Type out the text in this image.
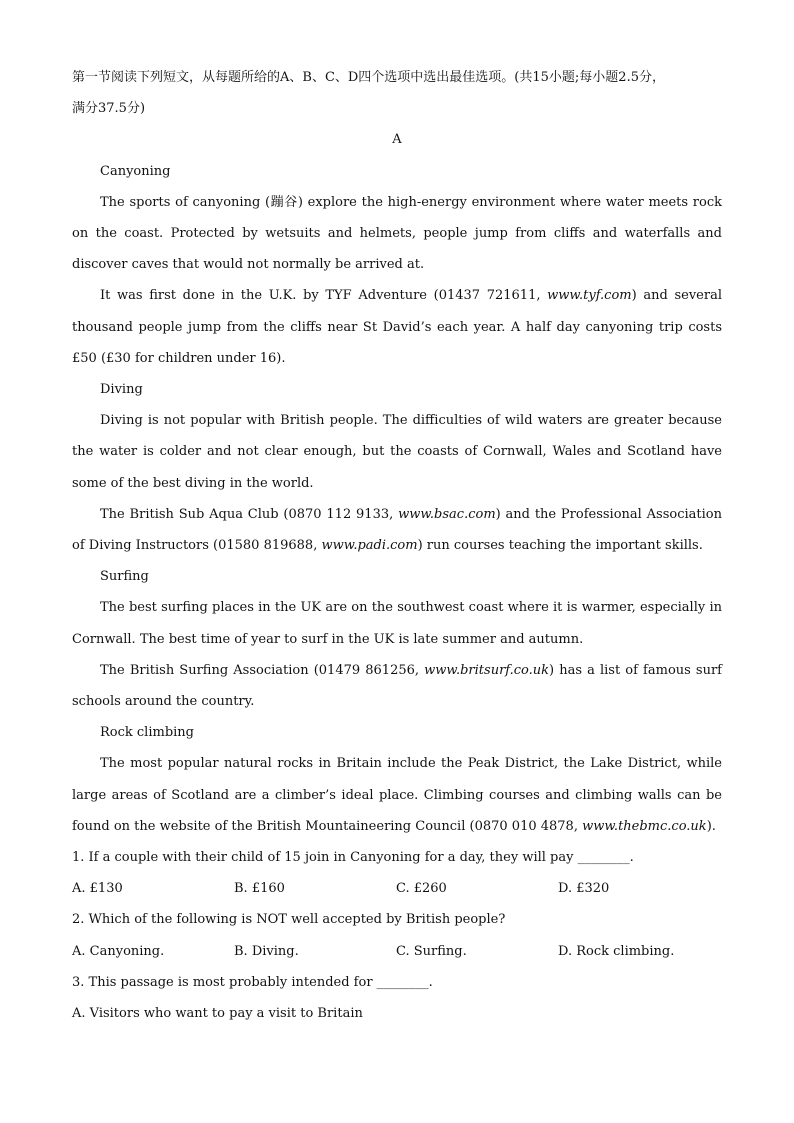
第一节阅读下列短文，从每题所给的A、B、C、D四个选项中选出最佳选项。(共15小题;每小题2.5分，

满分37.5分)

A

Canyoning

The sports of canyoning (蹦谷) explore the high-energy environment where water meets rock on the coast. Protected by wetsuits and helmets, people jump from cliffs and waterfalls and discover caves that would not normally be arrived at.

It was first done in the U.K. by TYF Adventure (01437 721611, www.tyf.com) and several thousand people jump from the cliffs near St David’s each year. A half day canyoning trip costs £50 (£30 for children under 16).

Diving

Diving is not popular with British people. The difficulties of wild waters are greater because the water is colder and not clear enough, but the coasts of Cornwall, Wales and Scotland have some of the best diving in the world.

The British Sub Aqua Club (0870 112 9133, www.bsac.com) and the Professional Association of Diving Instructors (01580 819688, www.padi.com) run courses teaching the important skills.

Surfing

The best surfing places in the UK are on the southwest coast where it is warmer, especially in Cornwall. The best time of year to surf in the UK is late summer and autumn.

The British Surfing Association (01479 861256, www.britsurf.co.uk) has a list of famous surf schools around the country.

Rock climbing

The most popular natural rocks in Britain include the Peak District, the Lake District, while large areas of Scotland are a climber’s ideal place. Climbing courses and climbing walls can be found on the website of the British Mountaineering Council (0870 010 4878, www.thebmc.co.uk).

1. If a couple with their child of 15 join in Canyoning for a day, they will pay ________.

A. £130	B. £160	C. £260	D. £320

2. Which of the following is NOT well accepted by British people?

A. Canyoning.	B. Diving.	C. Surfing.	D. Rock climbing.

3. This passage is most probably intended for ________.

A. Visitors who want to pay a visit to Britain
